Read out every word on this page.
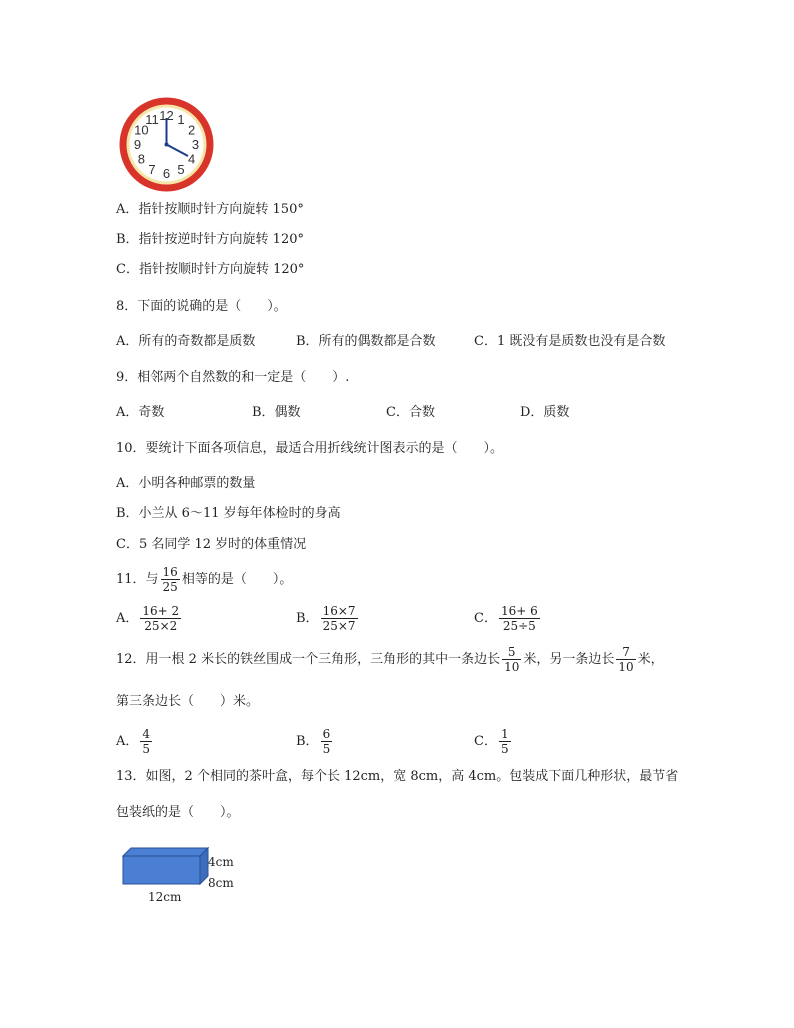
12 1
2
3
4
5
6
7
8
9
10
11
A．指针按顺时针方向旋转 150°
B．指针按逆时针方向旋转 120°
C．指针按顺时针方向旋转 120°
8．下面的说确的是（　　）。
A．所有的奇数都是质数	B．所有的偶数都是合数	C．1 既没有是质数也没有是合数
9．相邻两个自然数的和一定是（　　）.
A．奇数	B．偶数	C．合数	D．质数
10．要统计下面各项信息，最适合用折线统计图表示的是（　　）。
A．小明各种邮票的数量
B．小兰从 6～11 岁每年体检时的身高
C．5 名同学 12 岁时的体重情况
11．与 $\frac{16}{25}$ 相等的是（　　）。
A． $\frac{16+ 2}{25\times 2}$	B． $\frac{16\times 7}{25\times 7}$	C． $\frac{16+ 6}{25\div 5}$
12．用一根 2 米长的铁丝围成一个三角形，三角形的其中一条边长 $\frac{5}{10}$ 米，另一条边长 $\frac{7}{10}$ 米，
第三条边长（　　）米。
A． $\frac{4}{5}$	B． $\frac{6}{5}$	C． $\frac{1}{5}$
13．如图，2 个相同的茶叶盒，每个长 12cm，宽 8cm，高 4cm。包装成下面几种形状，最节省
包装纸的是（　　）。
4cm
8cm
12cm
